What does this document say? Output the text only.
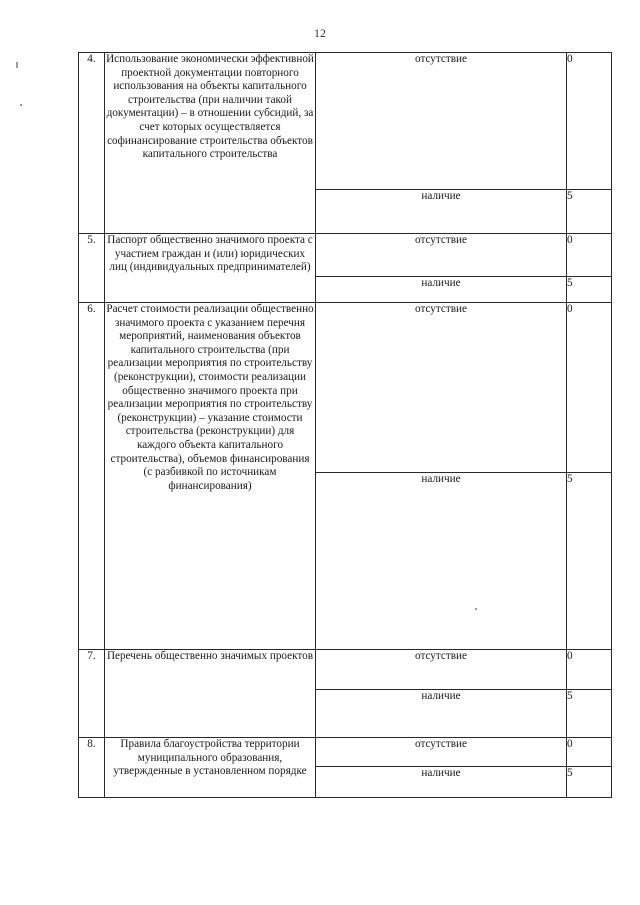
12
4.	Использование экономически эффективной проектной документации повторного использования на объекты капитального строительства (при наличии такой документации) – в отношении субсидий, за счет которых осуществляется софинансирование строительства объектов капитального строительства	отсутствие	0
		наличие	5
5.	Паспорт общественно значимого проекта с участием граждан и (или) юридических лиц (индивидуальных предпринимателей)	отсутствие	0
		наличие	5
6.	Расчет стоимости реализации общественно значимого проекта с указанием перечня мероприятий, наименования объектов капитального строительства (при реализации мероприятия по строительству (реконструкции), стоимости реализации общественно значимого проекта при реализации мероприятия по строительству (реконструкции) – указание стоимости строительства (реконструкции) для каждого объекта капитального строительства), объемов финансирования (с разбивкой по источникам финансирования)	отсутствие	0
		наличие	5
7.	Перечень общественно значимых проектов	отсутствие	0
		наличие	5
8.	Правила благоустройства территории муниципального образования, утвержденные в установленном порядке	отсутствие	0
		наличие	5
